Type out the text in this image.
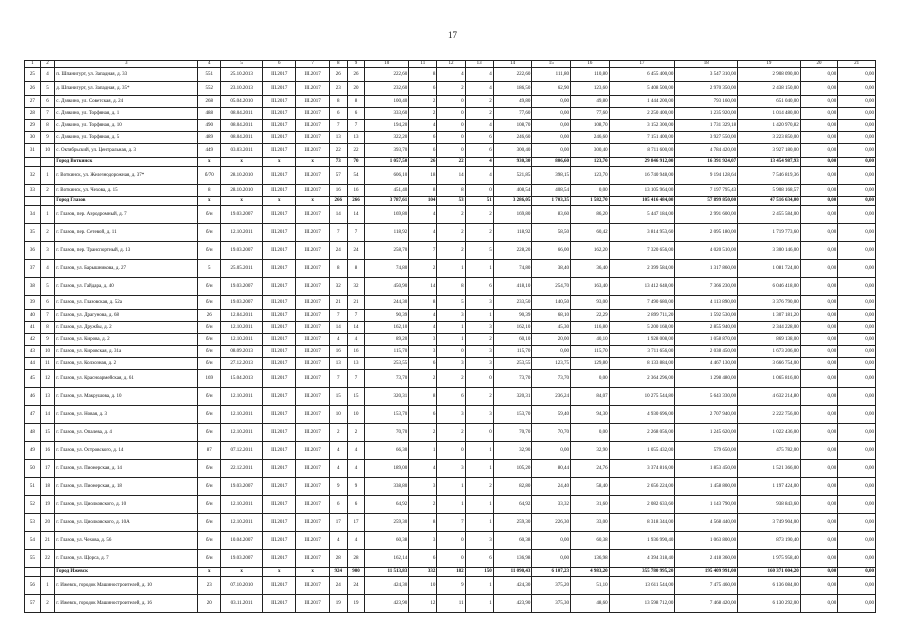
17
1	2	3	4	5	6	7	8	9	10	11	12	13	14	15	16	17	18	19	20	21
25	4	п. Шпанигурт, ул. Западная, д. 33	551	25.10.2013	III.2017	III.2017	26	26	222,60	8	4	4	222,60	111,80	110,80	6 455 400,00	3 547 310,00	2 908 090,00	0,00	0,00
26	5	д. Шпанигурт, ул. Западная, д. 35*	552	23.10.2013	III.2017	III.2017	23	20	232,60	6	2	4	186,50	62,90	123,60	5 408 500,00	2 970 350,00	2 438 150,00	0,00	0,00
27	6	с. Дзякино, ул. Советская, д. 24	268	05.04.2010	III.2017	III.2017	8	8	100,40	2	0	2	49,80	0,00	49,80	1 444 200,00	793 160,00	651 040,00	0,00	0,00
28	7	с. Дзякино, ул. Торфяная, д. 1	488	08.04.2011	III.2017	III.2017	6	6	333,60	2	0	2	77,60	0,00	77,60	2 250 400,00	1 235 920,00	1 014 480,00	0,00	0,00
29	8	с. Дзякино, ул. Торфяная, д. 10	490	08.04.2011	III.2017	III.2017	7	7	194,20	4	0	4	108,70	0,00	108,70	3 152 300,00	1 731 329,18	1 420 970,82	0,00	0,00
30	9	с. Дзякино, ул. Торфяная, д. 5	489	08.04.2011	III.2017	III.2017	13	13	322,20	6	0	6	246,60	0,00	246,60	7 151 400,00	3 927 550,00	3 223 850,00	0,00	0,00
31	10	с. Октябрьский, ул. Центральная, д. 3	449	03.03.2011	III.2017	III.2017	22	22	393,70	6	0	6	300,40	0,00	300,40	8 711 600,00	4 784 420,00	3 927 180,00	0,00	0,00
		Город Воткинск	x	x	x	x	73	70	1 057,50	26	22	4	930,30	806,60	123,70	29 846 912,00	16 391 924,07	13 454 987,93	0,00	0,00
32	1	г. Воткинск, ул. Железнодорожная, д. 37*	б/70	28.10.2010	III.2017	III.2017	57	54	606,10	18	14	4	521,85	398,15	123,70	16 740 948,00	9 194 128,64	7 546 819,36	0,00	0,00
33	2	г. Воткинск, ул. Чехова, д. 15	8	28.10.2010	III.2017	III.2017	16	16	451,40	8	8	0	408,54	408,54	0,00	13 105 964,00	7 197 795,43	5 908 168,57	0,00	0,00
		Город Глазов	x	x	x	x	266	266	3 787,61	104	53	51	3 286,05	1 703,35	1 582,70	105 416 484,00	57 899 850,00	47 516 634,00	0,00	0,00
34	1	г. Глазов, пер. Аэродромный, д. 7	б/н	19.03.2007	III.2017	III.2017	14	14	169,80	4	2	2	169,80	83,60	86,20	5 447 184,00	2 991 600,00	2 455 584,00	0,00	0,00
35	2	г. Глазов, пер. Сетевой, д. 11	б/н	12.10.2011	III.2017	III.2017	7	7	118,92	4	2	2	118,92	58,50	60,42	3 814 953,60	2 095 180,00	1 719 773,60	0,00	0,00
36	3	г. Глазов, пер. Транспортный, д. 13	б/н	19.03.2007	III.2017	III.2017	24	24	258,70	7	2	5	228,20	66,00	162,20	7 320 656,00	4 020 510,00	3 300 146,00	0,00	0,00
37	4	г. Глазов, ул. Барышникова, д. 27	5	25.05.2011	III.2017	III.2017	8	8	74,80	2	1	1	74,80	38,40	36,40	2 399 584,00	1 317 860,00	1 081 724,00	0,00	0,00
38	5	г. Глазов, ул. Гайдара, д. 40	б/н	19.03.2007	III.2017	III.2017	32	32	450,90	14	8	6	418,10	254,70	163,40	13 412 648,00	7 366 230,00	6 046 418,00	0,00	0,00
39	6	г. Глазов, ул. Глазовская, д. 52а	б/н	19.03.2007	III.2017	III.2017	21	21	244,30	8	5	3	233,50	140,50	93,00	7 490 680,00	4 113 890,00	3 376 790,00	0,00	0,00
40	7	г. Глазов, ул. Драгунова, д. 68	26	12.04.2011	III.2017	III.2017	7	7	90,39	4	3	1	90,39	68,10	22,29	2 899 711,20	1 592 530,00	1 307 181,20	0,00	0,00
41	8	г. Глазов, ул. Дружбы, д. 2	б/н	12.10.2011	III.2017	III.2017	14	14	162,10	4	1	3	162,10	45,30	116,80	5 200 168,00	2 855 940,00	2 344 228,00	0,00	0,00
42	9	г. Глазов, ул. Кирова, д. 2	б/н	12.10.2011	III.2017	III.2017	4	4	89,20	3	1	2	60,10	20,00	40,10	1 928 008,00	1 058 870,00	869 138,00	0,00	0,00
43	10	г. Глазов, ул. Кировская, д. 31а	б/н	08.09.2013	III.2017	III.2017	16	16	115,70	3	0	3	115,70	0,00	115,70	3 711 656,00	2 038 450,00	1 673 206,00	0,00	0,00
44	11	г. Глазов, ул. Колхозная, д. 2	б/н	27.12.2013	III.2017	III.2017	13	13	253,55	6	3	3	253,55	123,75	129,80	8 133 884,00	4 467 130,00	3 666 754,00	0,00	0,00
45	12	г. Глазов, ул. Красноармейская, д. 61	169	15.04.2013	III.2017	III.2017	7	7	73,70	2	2	0	73,70	73,70	0,00	2 364 296,00	1 298 480,00	1 065 816,00	0,00	0,00
46	13	г. Глазов, ул. Макрушова, д. 10	б/н	12.10.2011	III.2017	III.2017	15	15	320,31	8	6	2	320,31	236,24	84,07	10 275 544,80	5 643 330,00	4 632 214,80	0,00	0,00
47	14	г. Глазов, ул. Новая, д. 3	б/н	12.10.2011	III.2017	III.2017	10	10	153,70	6	3	3	153,70	59,40	94,30	4 930 696,00	2 707 940,00	2 222 756,00	0,00	0,00
48	15	г. Глазов, ул. Опалева, д. 4	б/н	12.10.2011	III.2017	III.2017	2	2	70,70	2	2	0	70,70	70,70	0,00	2 268 056,00	1 245 620,00	1 022 436,00	0,00	0,00
49	16	г. Глазов, ул. Островского, д. 14	87	07.12.2011	III.2017	III.2017	4	4	66,30	1	0	1	32,90	0,00	32,90	1 055 432,00	579 650,00	475 782,00	0,00	0,00
50	17	г. Глазов, ул. Пионерская, д. 14	б/н	22.12.2011	III.2017	III.2017	4	4	189,00	4	3	1	105,20	80,44	24,76	3 374 816,00	1 853 450,00	1 521 366,00	0,00	0,00
51	18	г. Глазов, ул. Пионерская, д. 18	б/н	19.03.2007	III.2017	III.2017	9	9	338,80	3	1	2	82,80	24,40	58,40	2 656 224,00	1 458 800,00	1 197 424,00	0,00	0,00
52	19	г. Глазов, ул. Циолковского, д. 10	б/н	12.10.2011	III.2017	III.2017	6	6	64,92	2	1	1	64,92	33,32	31,60	2 082 633,60	1 143 790,00	938 843,60	0,00	0,00
53	20	г. Глазов, ул. Циолковского, д. 10А	б/н	12.10.2011	III.2017	III.2017	17	17	259,30	8	7	1	259,30	226,30	33,00	8 318 344,00	4 568 440,00	3 749 904,00	0,00	0,00
54	21	г. Глазов, ул. Чехова, д. 56	б/н	10.04.2007	III.2017	III.2017	4	4	60,38	3	0	3	60,38	0,00	60,38	1 936 990,40	1 063 800,00	873 190,40	0,00	0,00
55	22	г. Глазов, ул. Щорса, д. 7	б/н	19.03.2007	III.2017	III.2017	28	28	162,14	6	0	6	136,98	0,00	136,98	4 394 318,40	2 418 360,00	1 975 958,40	0,00	0,00
		Город Ижевск	x	x	x	x	924	900	11 513,83	332	182	150	11 090,43	6 107,23	4 983,20	355 780 995,20	195 409 991,00	160 371 004,20	0,00	0,00
56	1	г. Ижевск, городок Машиностроителей, д. 10	23	07.10.2010	III.2017	III.2017	24	24	424,30	10	9	1	424,30	375,20	51,10	13 611 544,00	7 475 460,00	6 136 084,00	0,00	0,00
57	2	г. Ижевск, городок Машиностроителей, д. 16	20	03.11.2011	III.2017	III.2017	19	19	423,90	12	11	1	423,90	375,30	48,60	13 598 712,00	7 468 420,00	6 130 292,00	0,00	0,00
